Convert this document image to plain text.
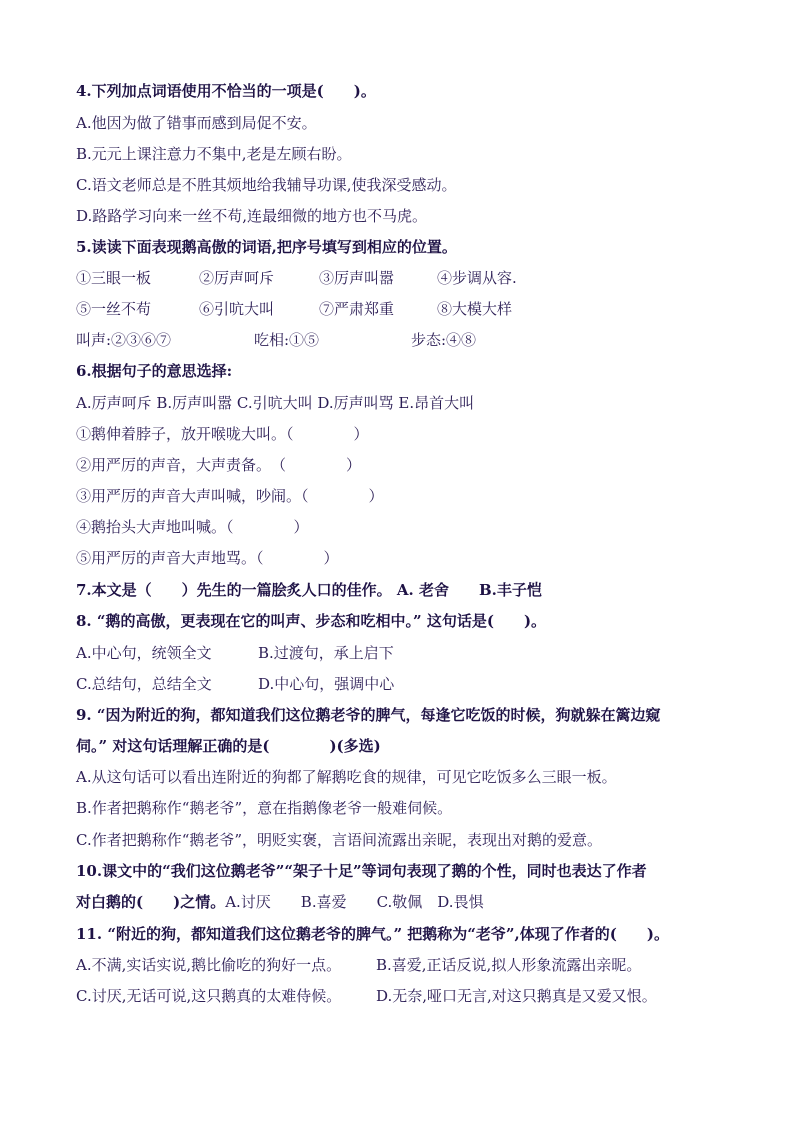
4.下列加点词语使用不恰当的一项是(　　)。
A.他因为做了错事而感到局促不安。
B.元元上课注意力不集中,老是左顾右盼。
C.语文老师总是不胜其烦地给我辅导功课,使我深受感动。
D.路路学习向来一丝不苟,连最细微的地方也不马虎。
5.读读下面表现鹅高傲的词语,把序号填写到相应的位置。
①三眼一板	②厉声呵斥	③厉声叫嚣	④步调从容.
⑤一丝不苟	⑥引吭大叫	⑦严肃郑重	⑧大模大样
叫声:②③⑥⑦	吃相:①⑤	步态:④⑧
6.根据句子的意思选择:
A.厉声呵斥 B.厉声叫嚣 C.引吭大叫 D.厉声叫骂 E.昂首大叫
①鹅伸着脖子，放开喉咙大叫。（　　　　）
②用严厉的声音，大声责备。　（　　　　）
③用严厉的声音大声叫喊，吵闹。（　　　　）
④鹅抬头大声地叫喊。（　　　　）
⑤用严厉的声音大声地骂。（　　　　）
7.本文是（　　）先生的一篇脍炙人口的佳作。 A. 老舍　　B.丰子恺
8. “鹅的高傲，更表现在它的叫声、步态和吃相中。” 这句话是(　　)。
A.中心句，统领全文	B.过渡句，承上启下
C.总结句，总结全文	D.中心句，强调中心
9. “因为附近的狗，都知道我们这位鹅老爷的脾气，每逢它吃饭的时候，狗就躲在篱边窥
伺。” 对这句话理解正确的是(　　　　)(多选)
A.从这句话可以看出连附近的狗都了解鹅吃食的规律，可见它吃饭多么三眼一板。
B.作者把鹅称作“鹅老爷”，意在指鹅像老爷一般难伺候。
C.作者把鹅称作“鹅老爷”，明贬实褒，言语间流露出亲昵，表现出对鹅的爱意。
10.课文中的“我们这位鹅老爷”“架子十足”等词句表现了鹅的个性，同时也表达了作者
对白鹅的(　　)之情。A.讨厌　　B.喜爱　　C.敬佩　D.畏惧
11. “附近的狗，都知道我们这位鹅老爷的脾气。” 把鹅称为“老爷”,体现了作者的(　　)。
A.不满,实话实说,鹅比偷吃的狗好一点。 B.喜爱,正话反说,拟人形象流露出亲昵。
C.讨厌,无话可说,这只鹅真的太难侍候。 D.无奈,哑口无言,对这只鹅真是又爱又恨。
